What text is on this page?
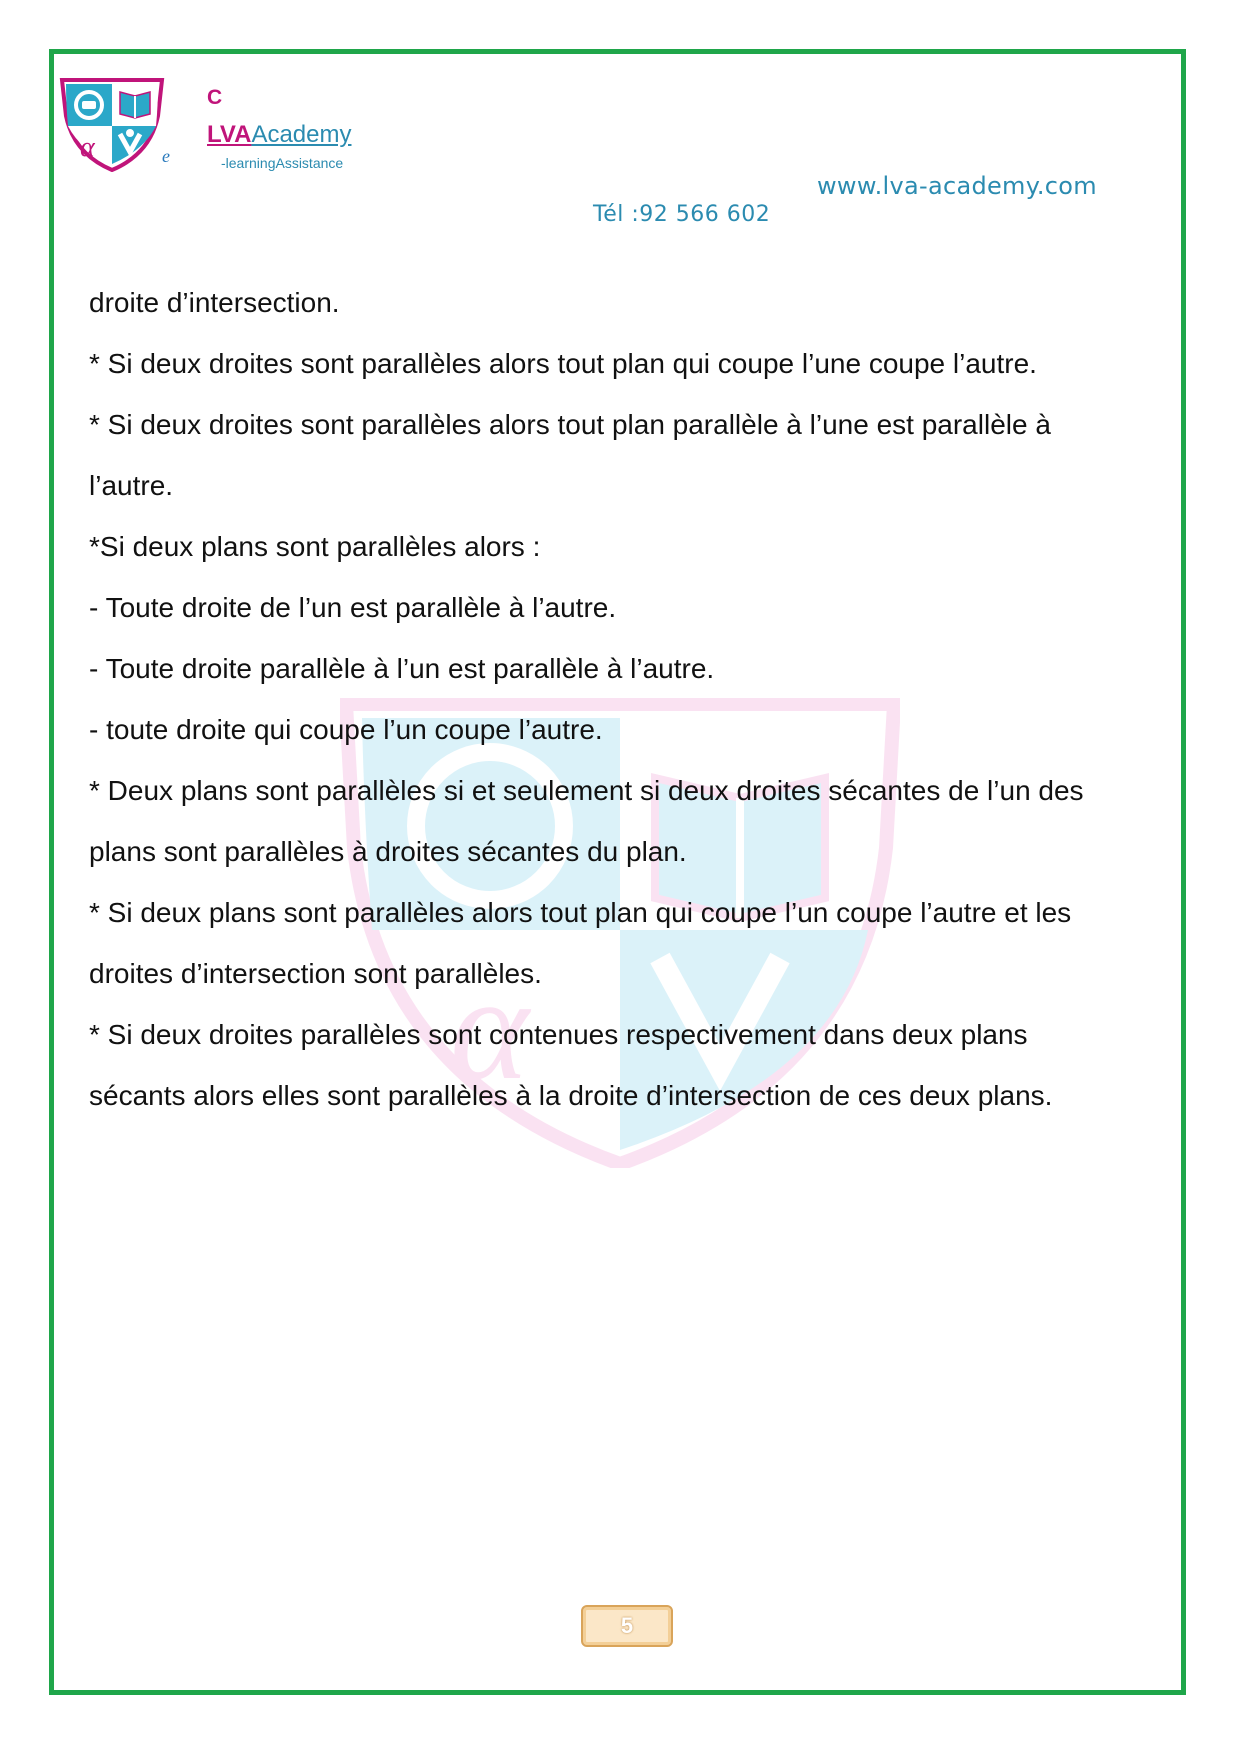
α	e
C
LVAAcademy
-learningAssistance
www.lva-academy.com
Tél :92 566 602
α
droite d’intersection.
* Si deux droites sont parallèles alors tout plan qui coupe l’une coupe l’autre.
* Si deux droites sont parallèles alors tout plan parallèle à l’une est parallèle à
l’autre.
*Si deux plans sont parallèles alors :
- Toute droite de l’un est parallèle à l’autre.
- Toute droite parallèle à l’un est parallèle à l’autre.
- toute droite qui coupe l’un coupe l’autre.
* Deux plans sont parallèles si et seulement si deux droites sécantes de l’un des
plans sont parallèles à droites sécantes du plan.
* Si deux plans sont parallèles alors tout plan qui coupe l’un coupe l’autre et les
droites d’intersection sont parallèles.
* Si deux droites parallèles sont contenues respectivement dans deux plans
sécants alors elles sont parallèles à la droite d’intersection de ces deux plans.
5
